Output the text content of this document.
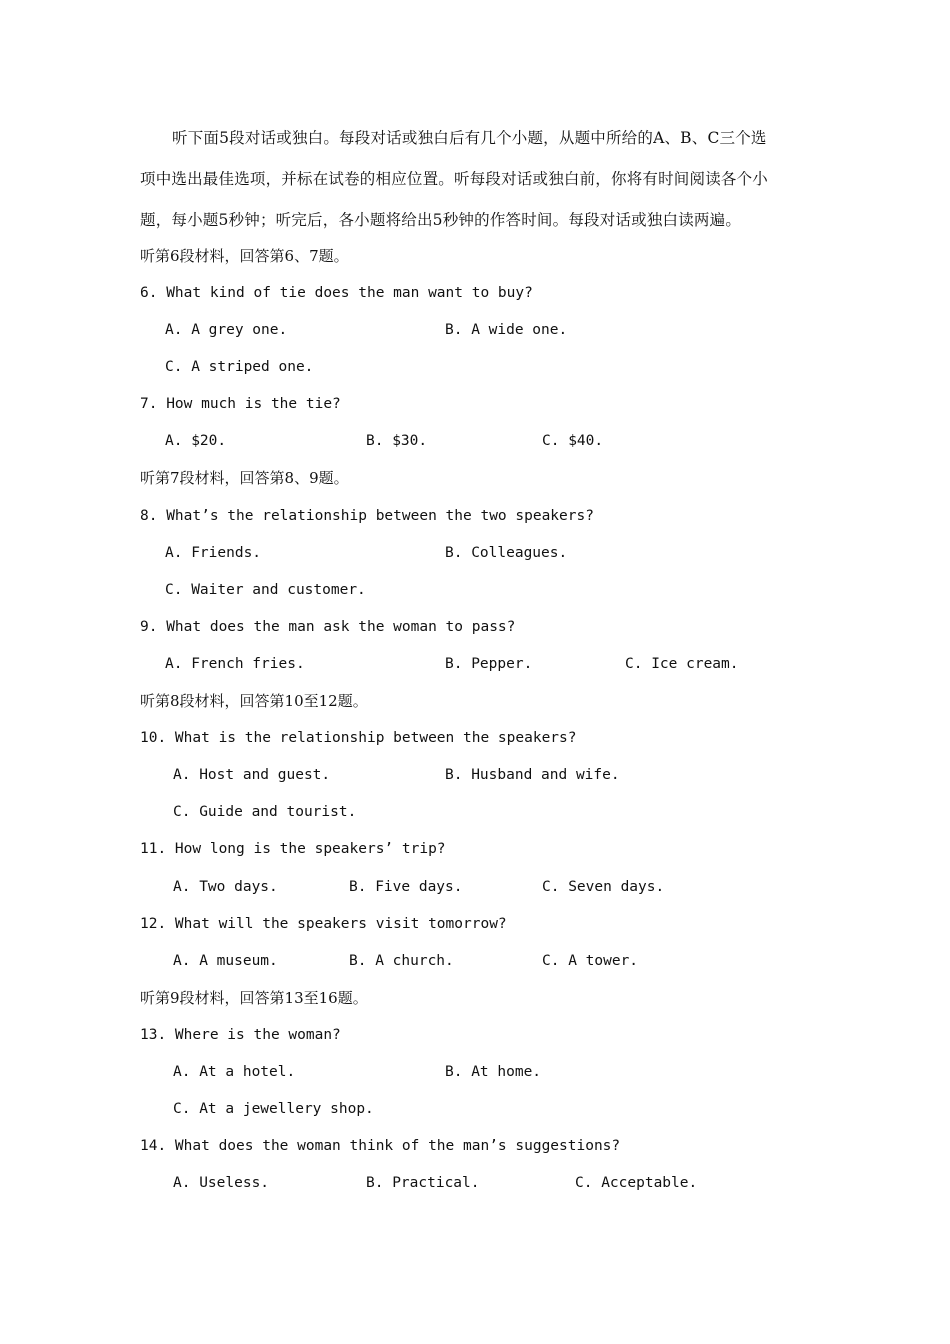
听下面5段对话或独白。每段对话或独白后有几个小题，从题中所给的A、B、C三个选
项中选出最佳选项，并标在试卷的相应位置。听每段对话或独白前，你将有时间阅读各个小
题，每小题5秒钟；听完后，各小题将给出5秒钟的作答时间。每段对话或独白读两遍。
听第6段材料，回答第6、7题。
6. What kind of tie does the man want to buy?
A. A grey one.	B. A wide one.
C. A striped one.
7. How much is the tie?
A. $20.	B. $30.	C. $40.
听第7段材料，回答第8、9题。
8. What’s the relationship between the two speakers?
A. Friends.	B. Colleagues.
C. Waiter and customer.
9. What does the man ask the woman to pass?
A. French fries.	B. Pepper.	C. Ice cream.
听第8段材料，回答第10至12题。
10. What is the relationship between the speakers?
A. Host and guest.	B. Husband and wife.
C. Guide and tourist.
11. How long is the speakers’ trip?
A. Two days.	B. Five days.	C. Seven days.
12. What will the speakers visit tomorrow?
A. A museum.	B. A church.	C. A tower.
听第9段材料，回答第13至16题。
13. Where is the woman?
A. At a hotel.	B. At home.
C. At a jewellery shop.
14. What does the woman think of the man’s suggestions?
A. Useless.	B. Practical.	C. Acceptable.
